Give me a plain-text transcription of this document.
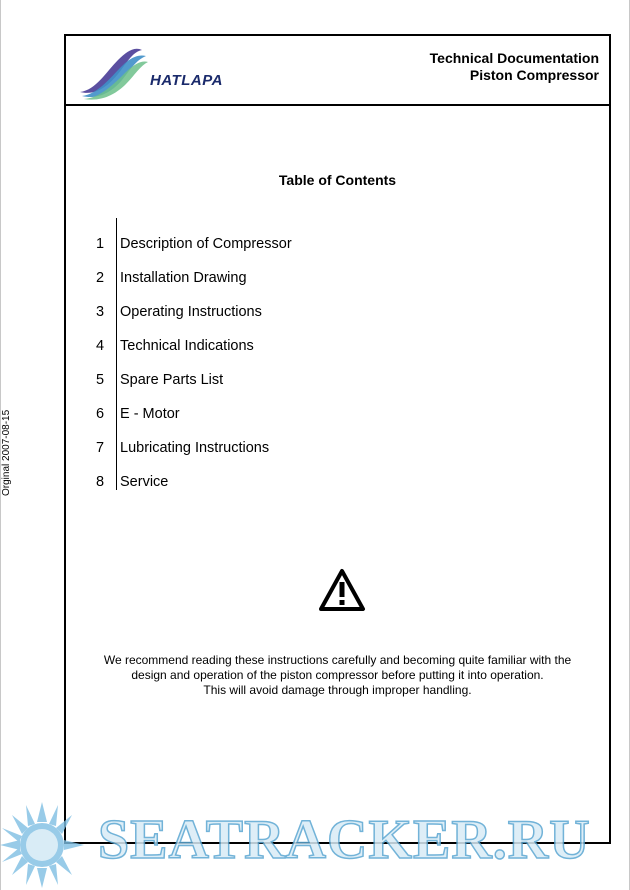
Orginal 2007-08-15
HATLAPA
Technical Documentation
Piston Compressor
Table of Contents
1 Description of Compressor
2 Installation Drawing
3 Operating Instructions
4 Technical Indications
5 Spare Parts List
6 E - Motor
7 Lubricating Instructions
8 Service
We recommend reading these instructions carefully and becoming quite familiar with the
design and operation of the piston compressor before putting it into operation.
This will avoid damage through improper handling.
SEATRACKER.RU
